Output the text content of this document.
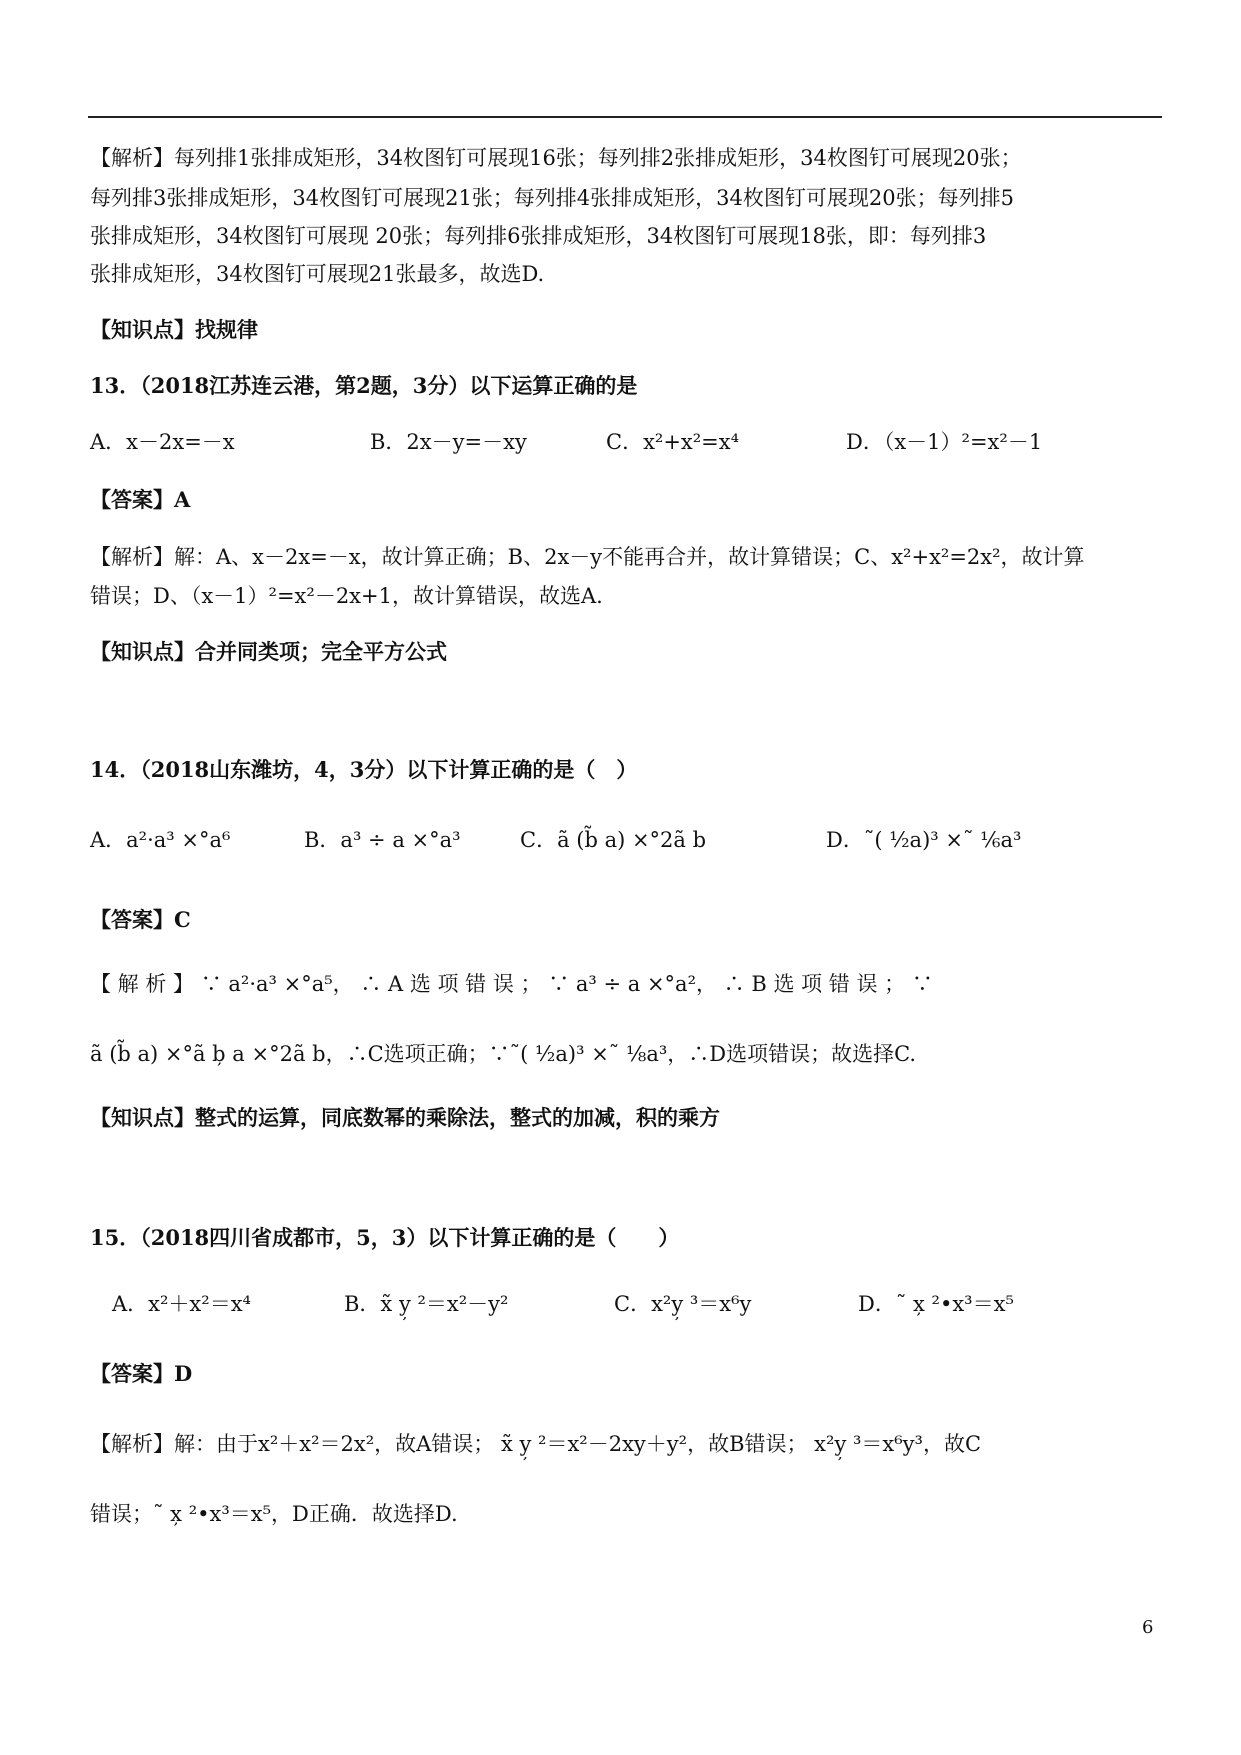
【解析】每列排1张排成矩形，34枚图钉可展现16张；每列排2张排成矩形，34枚图钉可展现20张；
每列排3张排成矩形，34枚图钉可展现21张；每列排4张排成矩形，34枚图钉可展现20张；每列排5
张排成矩形，34枚图钉可展现 20张；每列排6张排成矩形，34枚图钉可展现18张，即：每列排3
张排成矩形，34枚图钉可展现21张最多，故选D.
【知识点】找规律
13．（2018江苏连云港，第2题，3分）以下运算正确的是
A．x－2x=－x	B．2x－y=－xy	C．x²+x²=x⁴	D．（x－1）²=x²－1
【答案】A
【解析】解：A、x－2x=－x，故计算正确；B、2x－y不能再合并，故计算错误；C、x²+x²=2x²，故计算
错误；D、（x－1）²=x²－2x+1，故计算错误，故选A.
【知识点】合并同类项；完全平方公式
14．（2018山东潍坊，4，3分）以下计算正确的是（　）
A．a²·a³ ×°a⁶	B．a³ ÷ a ×°a³	C．ã (b̃ a) ×°2ã b	D．˜( ½a)³ ×˜ ⅙a³
【答案】C
【 解 析 】 ∵ a²·a³ ×°a⁵， ∴ A 选 项 错 误 ； ∵ a³ ÷ a ×°a²， ∴ B 选 项 错 误 ； ∵
ã (b̃ a) ×°ã b̦ a ×°2ã b，∴C选项正确；∵˜( ½a)³ ×˜ ⅛a³，∴D选项错误；故选择C.
【知识点】整式的运算，同底数幂的乘除法，整式的加减，积的乘方
15．（2018四川省成都市，5，3）以下计算正确的是（　　）
A．x²＋x²＝x⁴	B．x̃ y̦ ²＝x²－y²	C．x²y̦ ³＝x⁶y	D．˜ x̦ ²•x³＝x⁵
【答案】D
【解析】解：由于x²＋x²＝2x²，故A错误； x̃ y̦ ²＝x²－2xy＋y²，故B错误； x²y̦ ³＝x⁶y³，故C
错误；˜ x̦ ²•x³＝x⁵，D正确．故选择D.
6
